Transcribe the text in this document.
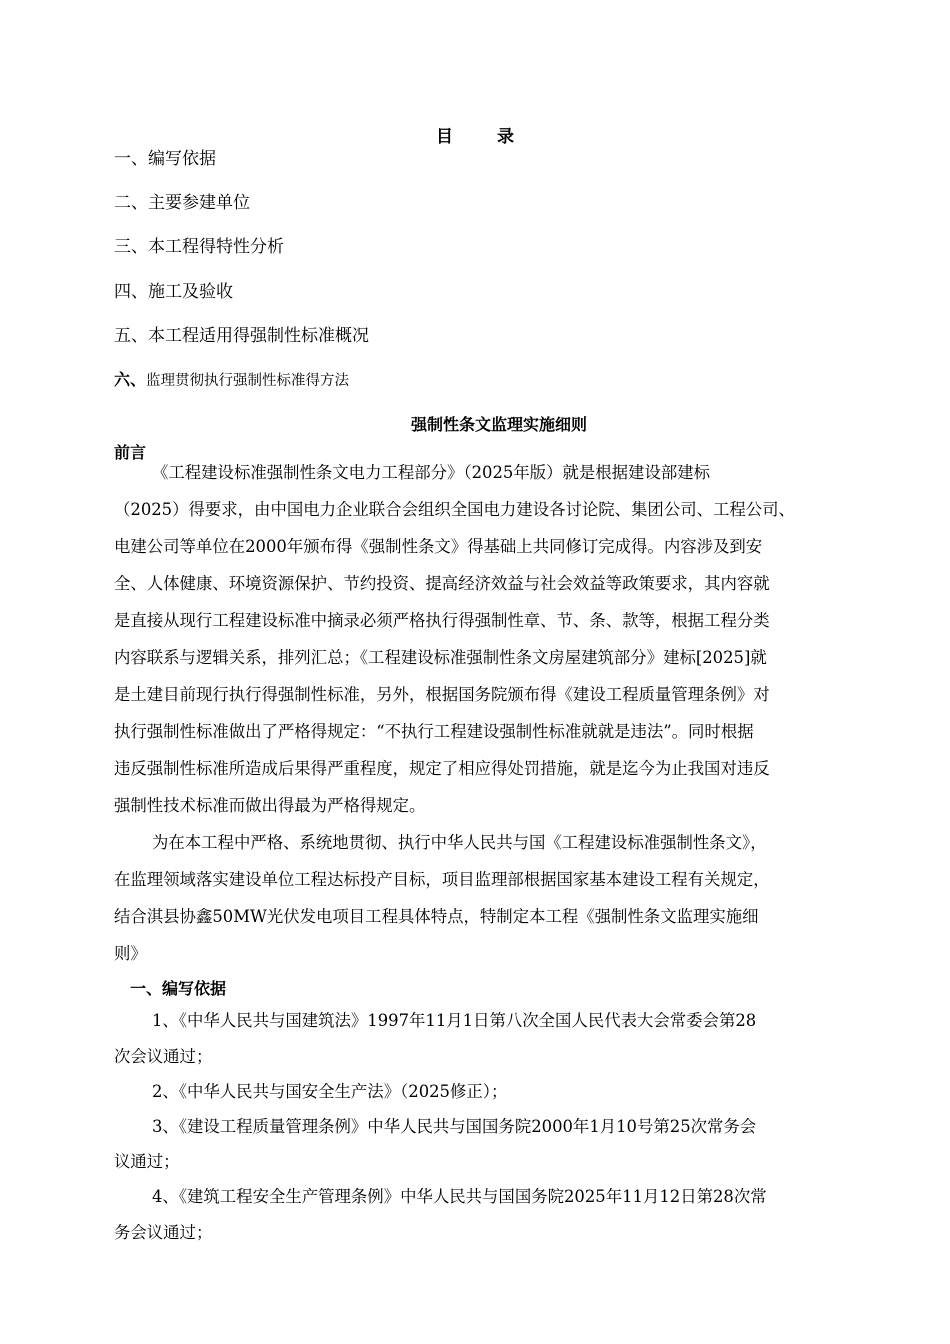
目	录
一、编写依据
二、主要参建单位
三、本工程得特性分析
四、施工及验收
五、本工程适用得强制性标准概况
六、监理贯彻执行强制性标准得方法
强制性条文监理实施细则
前言
《工程建设标准强制性条文电力工程部分》（2025年版）就是根据建设部建标
（2025）得要求，由中国电力企业联合会组织全国电力建设各讨论院、集团公司、工程公司、
电建公司等单位在2000年颁布得《强制性条文》得基础上共同修订完成得。内容涉及到安
全、人体健康、环境资源保护、节约投资、提高经济效益与社会效益等政策要求，其内容就
是直接从现行工程建设标准中摘录必须严格执行得强制性章、节、条、款等，根据工程分类
内容联系与逻辑关系，排列汇总；《工程建设标准强制性条文房屋建筑部分》建标[2025]就
是土建目前现行执行得强制性标准，另外，根据国务院颁布得《建设工程质量管理条例》对
执行强制性标准做出了严格得规定：“不执行工程建设强制性标准就就是违法”。同时根据
违反强制性标准所造成后果得严重程度，规定了相应得处罚措施，就是迄今为止我国对违反
强制性技术标准而做出得最为严格得规定。
为在本工程中严格、系统地贯彻、执行中华人民共与国《工程建设标准强制性条文》，
在监理领域落实建设单位工程达标投产目标，项目监理部根据国家基本建设工程有关规定，
结合淇县协鑫50MW光伏发电项目工程具体特点，特制定本工程《强制性条文监理实施细
则》
一、编写依据
1、《中华人民共与国建筑法》1997年11月1日第八次全国人民代表大会常委会第28
次会议通过；
2、《中华人民共与国安全生产法》（2025修正）；
3、《建设工程质量管理条例》中华人民共与国国务院2000年1月10号第25次常务会
议通过；
4、《建筑工程安全生产管理条例》中华人民共与国国务院2025年11月12日第28次常
务会议通过；
